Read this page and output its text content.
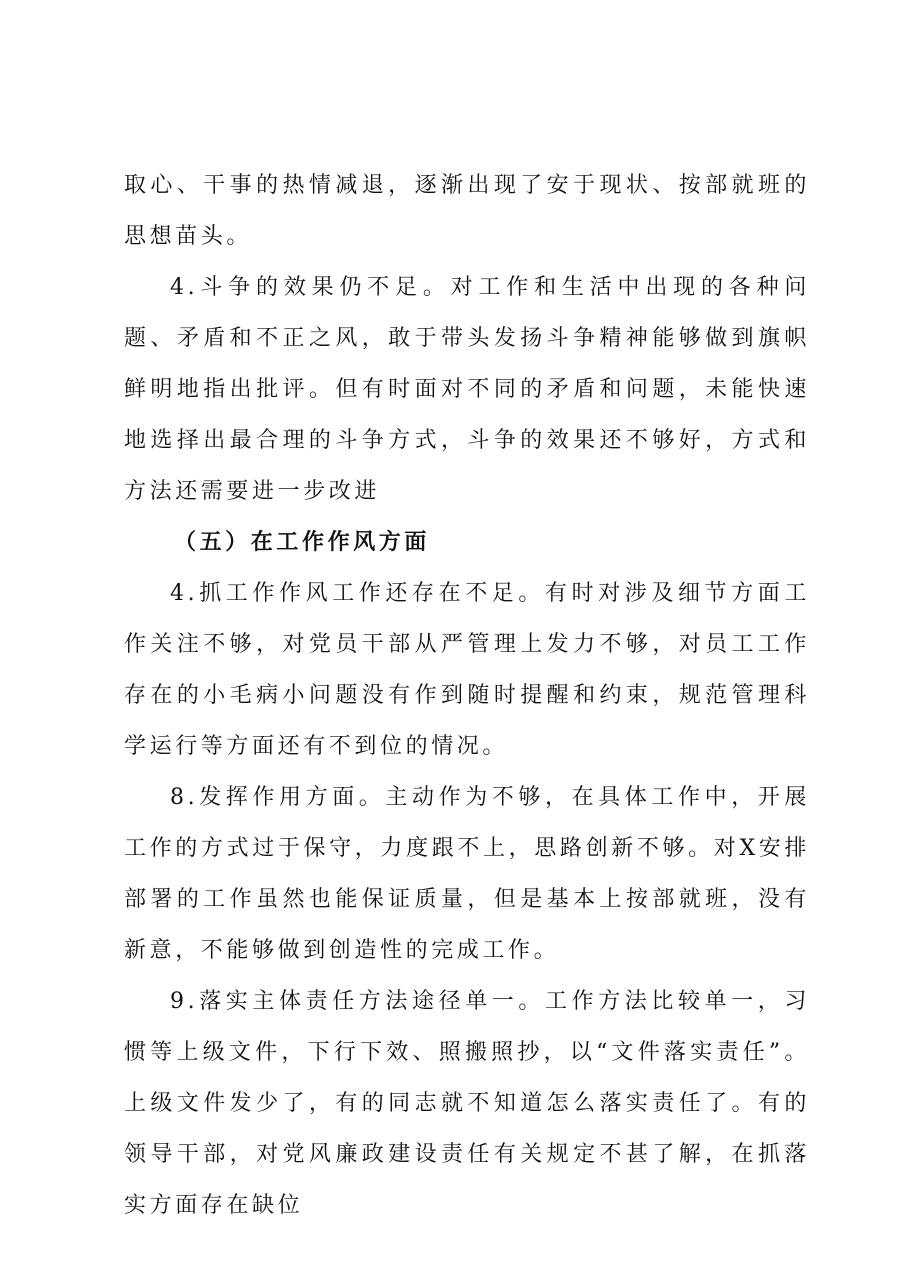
取心、干事的热情减退，逐渐出现了安于现状、按部就班的思想苗头。

4.斗争的效果仍不足。对工作和生活中出现的各种问题、矛盾和不正之风，敢于带头发扬斗争精神能够做到旗帜鲜明地指出批评。但有时面对不同的矛盾和问题，未能快速地选择出最合理的斗争方式，斗争的效果还不够好，方式和方法还需要进一步改进

（五）在工作作风方面

4.抓工作作风工作还存在不足。有时对涉及细节方面工作关注不够，对党员干部从严管理上发力不够，对员工工作存在的小毛病小问题没有作到随时提醒和约束，规范管理科学运行等方面还有不到位的情况。

8.发挥作用方面。主动作为不够，在具体工作中，开展工作的方式过于保守，力度跟不上，思路创新不够。对X安排部署的工作虽然也能保证质量，但是基本上按部就班，没有新意，不能够做到创造性的完成工作。

9.落实主体责任方法途径单一。工作方法比较单一，习惯等上级文件，下行下效、照搬照抄，以“文件落实责任”。上级文件发少了，有的同志就不知道怎么落实责任了。有的领导干部，对党风廉政建设责任有关规定不甚了解，在抓落实方面存在缺位
